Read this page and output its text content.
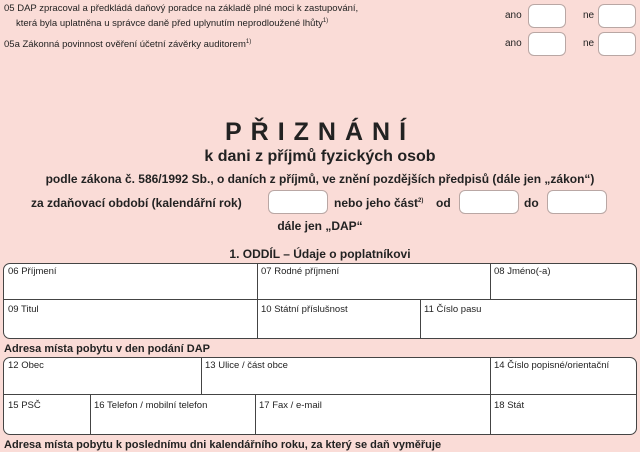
05 DAP zpracoval a předkládá daňový poradce na základě plné moci k zastupování,
která byla uplatněna u správce daně před uplynutím neprodloužené lhůty$^{1)}$	ano	ne
05a Zákonná povinnost ověření účetní závěrky auditorem$^{1)}$	ano	ne
PŘIZNÁNÍ
k dani z příjmů fyzických osob
podle zákona č. 586/1992 Sb., o daních z příjmů, ve znění pozdějších předpisů (dále jen „zákon“)
za zdaňovací období (kalendářní rok)	nebo jeho část$^{2)}$ od	do
dále jen „DAP“
1. ODDÍL – Údaje o poplatníkovi
06 Příjmení	07 Rodné příjmení	08 Jméno(-a)
09 Titul	10 Státní příslušnost	11 Číslo pasu
Adresa místa pobytu v den podání DAP
12 Obec	13 Ulice / část obce	14 Číslo popisné/orientační
15 PSČ	16 Telefon / mobilní telefon	17 Fax / e-mail	18 Stát
Adresa místa pobytu k poslednímu dni kalendářního roku, za který se daň vyměřuje
